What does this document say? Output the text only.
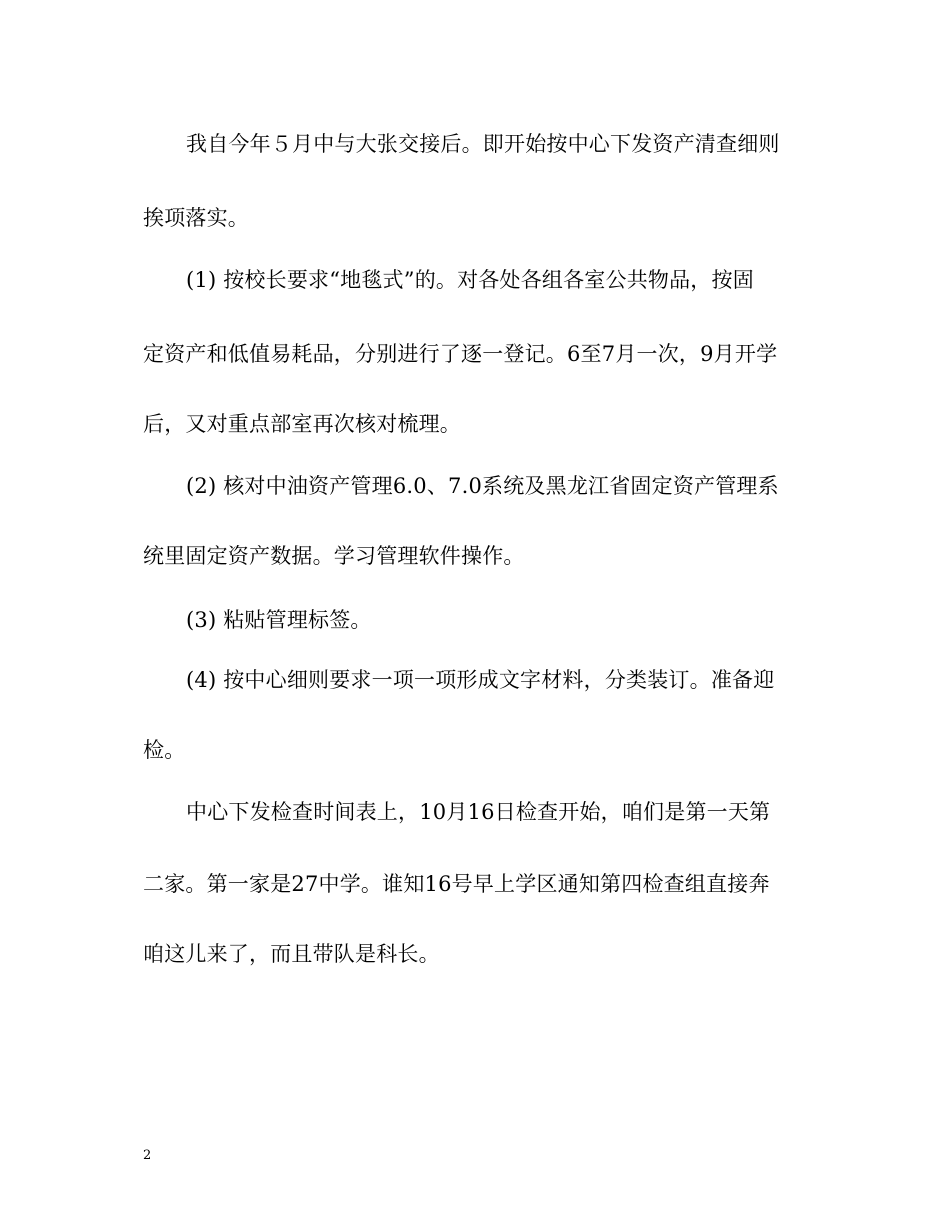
我自今年５月中与大张交接后。即开始按中心下发资产清查细则
挨项落实。
(1) 按校长要求“地毯式”的。对各处各组各室公共物品，按固
定资产和低值易耗品，分别进行了逐一登记。6至7月一次，9月开学
后，又对重点部室再次核对梳理。
(2) 核对中油资产管理6.0、7.0系统及黑龙江省固定资产管理系
统里固定资产数据。学习管理软件操作。
(3) 粘贴管理标签。
(4) 按中心细则要求一项一项形成文字材料，分类装订。准备迎
检。
中心下发检查时间表上，10月16日检查开始，咱们是第一天第
二家。第一家是27中学。谁知16号早上学区通知第四检查组直接奔
咱这儿来了，而且带队是科长。
2
